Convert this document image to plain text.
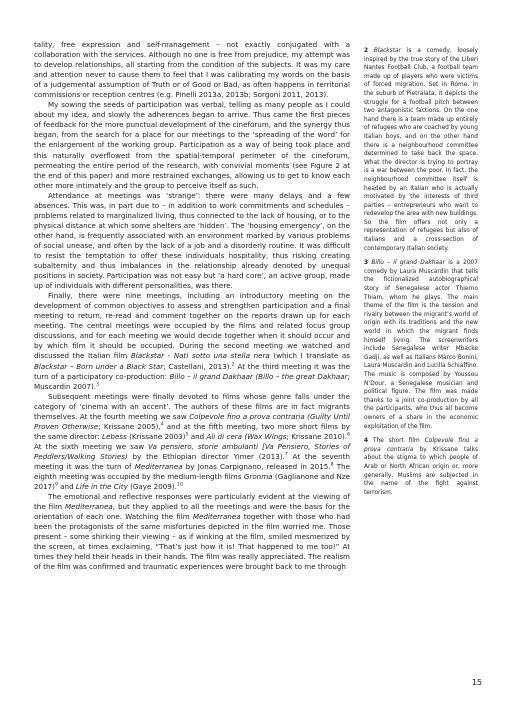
tality, free expression and self-management – not exactly conjugated with a collaboration with the services. Although no one is free from prejudice, my attempt was to develop relationships, all starting from the condition of the subjects. It was my care and attention never to cause them to feel that I was calibrating my words on the basis of a judgemental assumption of Truth or of Good or Bad, as often happens in territorial commissions or reception centres (e.g. Pinelli 2013a, 2013b; Sorgoni 2011, 2013).

My sowing the seeds of participation was verbal, telling as many people as I could about my idea, and slowly the adherences began to arrive. Thus came the first pieces of feedback for the more punctual development of the cineforum, and the synergy thus began, from the search for a place for our meetings to the ‘spreading of the word’ for the enlargement of the working group. Participation as a way of being took place and this naturally overflowed from the spatial-temporal perimeter of the cineforum, permeating the entire period of the research, with convivial moments (see Figure 2 at the end of this paper) and more restrained exchanges, allowing us to get to know each other more intimately and the group to perceive itself as such.

Attendance at meetings was ‘strange’: there were many delays and a few absences. This was, in part due to – in addition to work commitments and schedules – problems related to marginalized living, thus connected to the lack of housing, or to the physical distance at which some shelters are ‘hidden’. The ‘housing emergency’, on the other hand, is frequently associated with an environment marked by various problems of social unease, and often by the lack of a job and a disorderly routine. It was difficult to resist the temptation to offer these individuals hospitality, thus risking creating subalternity and thus imbalances in the relationship already denoted by unequal positions in society. Participation was not easy but ‘a hard core’, an active group, made up of individuals with different personalities, was there.

Finally, there were nine meetings, including an introductory meeting on the development of common objectives to assess and strengthen participation and a final meeting to return, re-read and comment together on the reports drawn up for each meeting. The central meetings were occupied by the films and related focus group discussions, and for each meeting we would decide together when it should occur and by which film it should be occupied. During the second meeting we watched and discussed the Italian film Blackstar - Nati sotto una stella nera (which I translate as Blackstar – Born under a Black Star; Castellani, 2013).$^2$ At the third meeting it was the turn of a participatory co-production: Billo – il grand Dakhaar (Billo – the great Dakhaar; Muscardin 2007).$^3$

Subsequent meetings were finally devoted to films whose genre falls under the category of ‘cinema with an accent’. The authors of these films are in fact migrants themselves. At the fourth meeting we saw Colpevole fino a prova contraria (Guilty Until Proven Otherwise; Krissane 2005),$^4$ and at the fifth meeting, two more short films by the same director: Lebess (Krissane 2003)$^5$ and Ali di cera (Wax Wings; Krissane 2010).$^6$ At the sixth meeting we saw Va pensiero, storie ambulanti [Va Pensiero, Stories of Peddlers/Walking Stories) by the Ethiopian director Yimer (2013).$^7$ At the seventh meeting it was the turn of Mediterranea by Jonas Carpignano, released in 2015.$^8$ The eighth meeting was occupied by the medium-length films Gronma (Gaglianone and Nze 2017)$^9$ and Life in the City (Gaye 2009).$^{10}$

The emotional and reflective responses were particularly evident at the viewing of the film Mediterranea, but they applied to all the meetings and were the basis for the orientation of each one. Watching the film Mediterranea together with those who had been the protagonists of the same misfortunes depicted in the film worried me. Those present – some shirking their viewing – as if winking at the film, smiled mesmerized by the screen, at times exclaiming, “That’s just how it is! That happened to me too!” At times they held their heads in their hands. The film was really appreciated. The realism of the film was confirmed and traumatic experiences were brought back to me through

2 Blackstar is a comedy, loosely inspired by the true story of the Liberi Nantes Football Club, a football team made up of players who were victims of forced migration. Set in Rome, in the suburb of Pietralata, it depicts the struggle for a football pitch between two antagonistic factions. On the one hand there is a team made up entirely of refugees who are coached by young Italian boys, and on the other hand there is a neighbourhood committee determined to take back the space. What the director is trying to portray is a war between the poor. In fact, the neighbourhood committee itself is headed by an Italian who is actually motivated by the interests of third parties – entrepreneurs who want to redevelop the area with new buildings. So the film offers not only a representation of refugees but also of Italians and a cross-section of contemporary Italian society.

3 Billo – il grand Dakhaar is a 2007 comedy by Laura Muscardin that tells the fictionalized autobiographical story of Senegalese actor Thierno Thiam, whom he plays. The main theme of the film is the tension and rivalry between the migrant’s world of origin with its traditions and the new world in which the migrant finds himself living. The screenwriters include Senegalese writer Mbacke Gadji, as well as Italians Marco Bonini, Laura Muscardin and Lucilla Schiaffino. The music is composed by Youssou N’Dour, a Senegalese musician and political figure. The film was made thanks to a joint co-production by all the participants, who thus all become owners of a share in the economic exploitation of the film.

4 The short film Colpevole fino a prova contraria by Krissane talks about the stigma to which people of Arab or North African origin or, more generally, Muslims are subjected in the name of the fight against terrorism.

15
